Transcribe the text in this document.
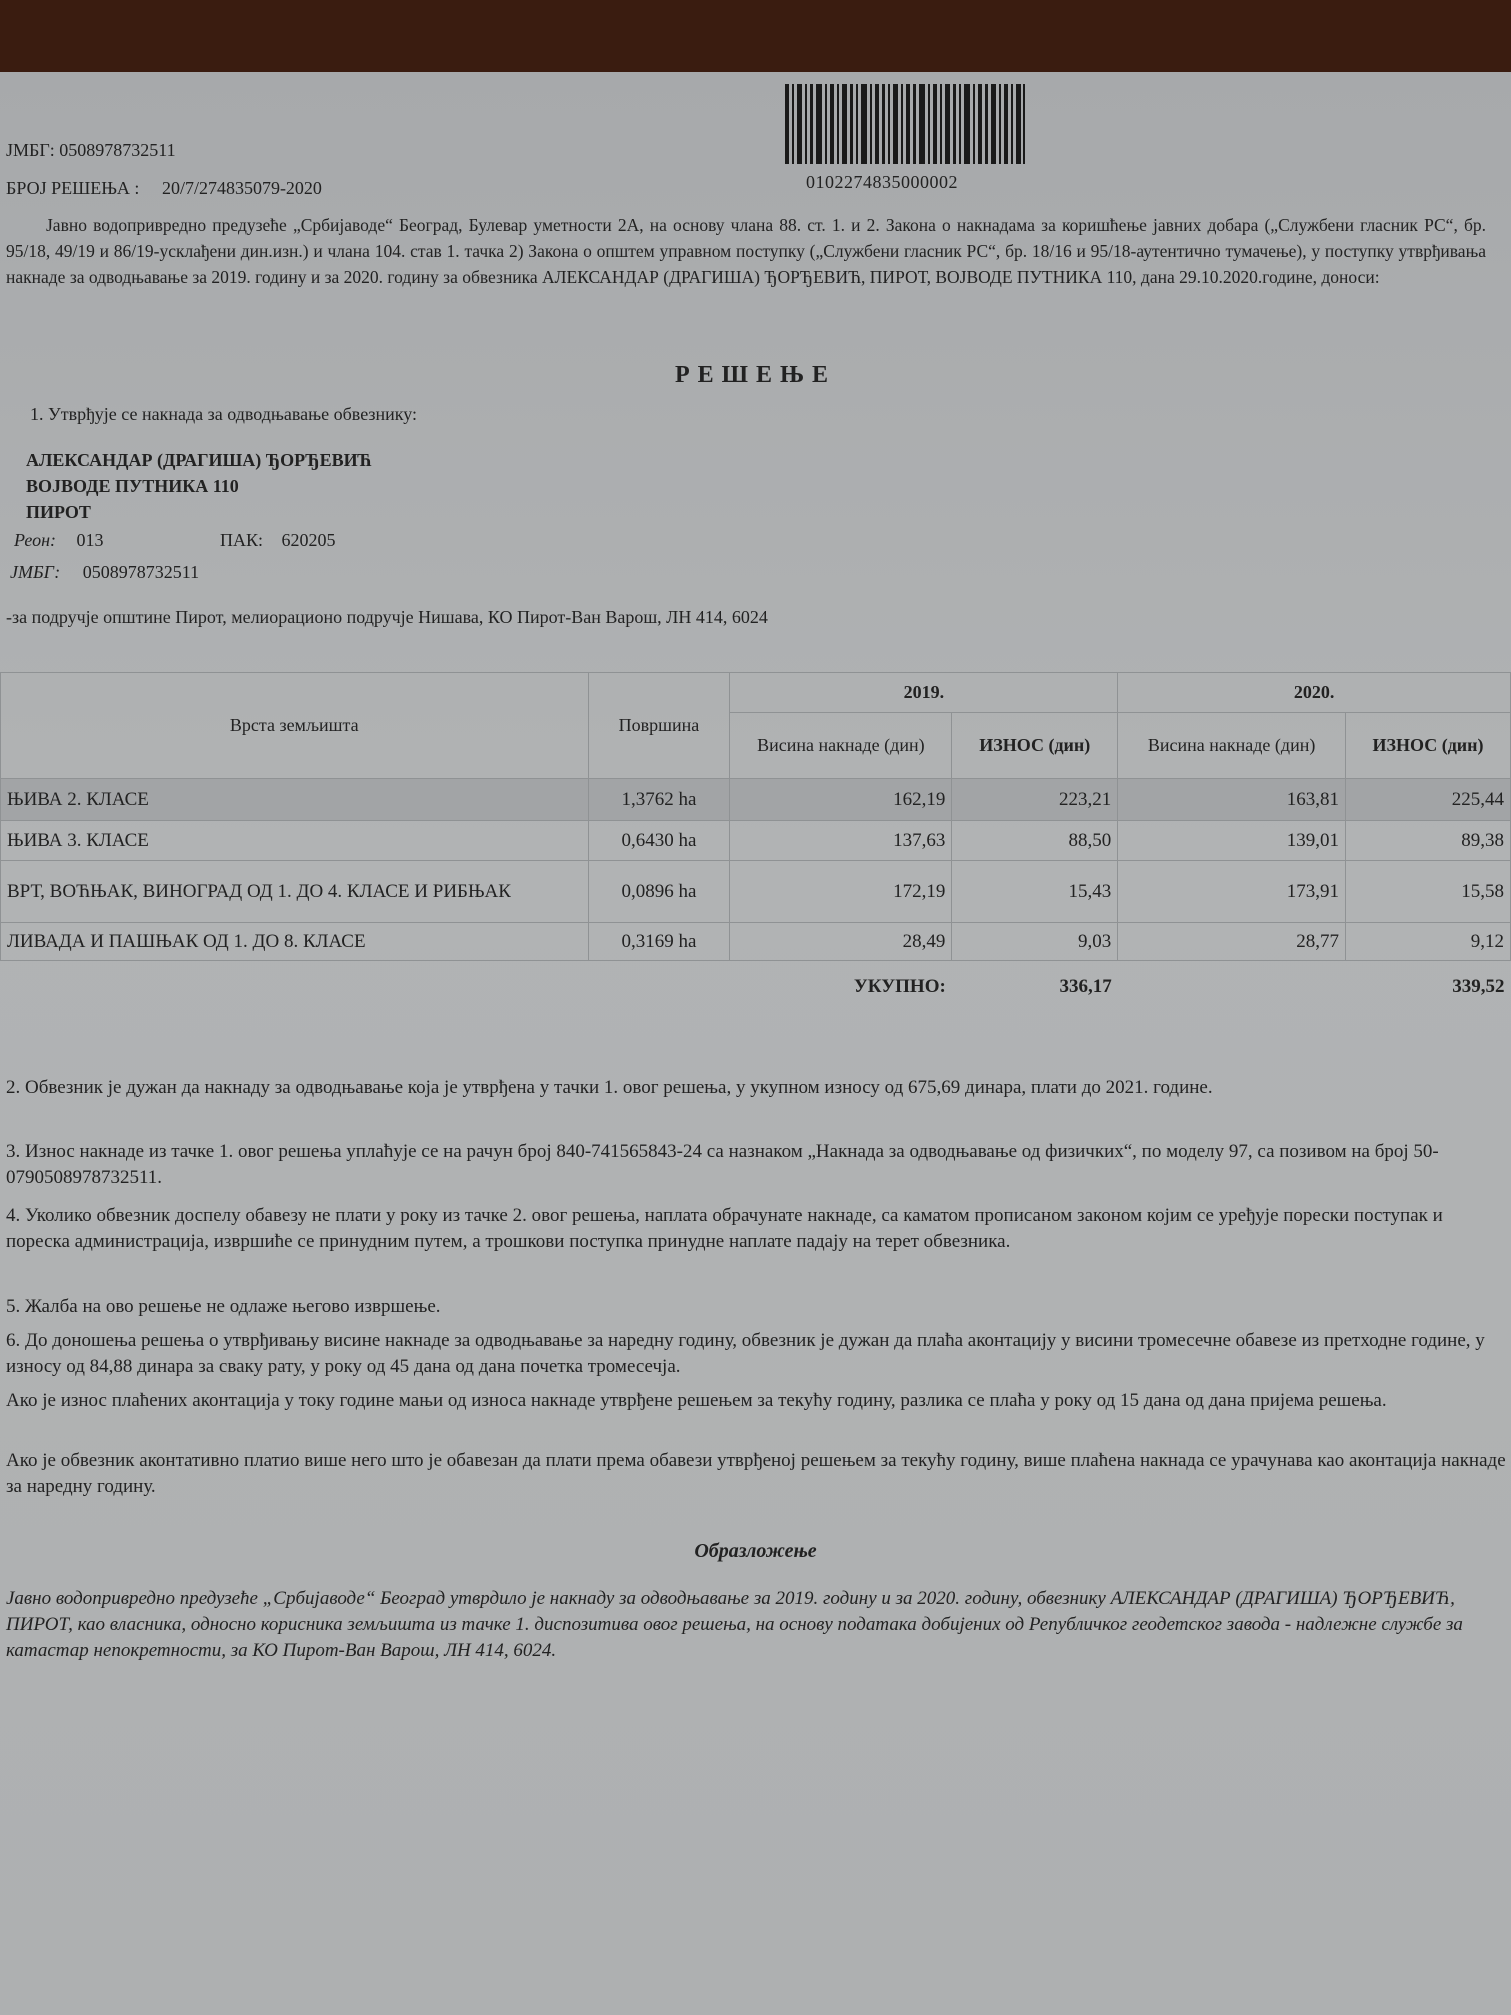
0102274835000002
ЈМБГ: 0508978732511
БРОЈ РЕШЕЊА : 20/7/274835079-2020
Јавно водопривредно предузеће „Србијаводе“ Београд, Булевар уметности 2А, на основу члана 88. ст. 1. и 2. Закона о накнадама за коришћење јавних добара („Службени гласник РС“, бр. 95/18, 49/19 и 86/19-усклађени дин.изн.) и члана 104. став 1. тачка 2) Закона о општем управном поступку („Службени гласник РС“, бр. 18/16 и 95/18-аутентично тумачење), у поступку утврђивања накнаде за одводњавање за 2019. годину и за 2020. годину за обвезника АЛЕКСАНДАР (ДРАГИША) ЂОРЂЕВИЋ, ПИРОТ, ВОЈВОДЕ ПУТНИКА 110, дана 29.10.2020.године, доноси:
РЕШЕЊЕ
1. Утврђује се накнада за одводњавање обвезнику:
АЛЕКСАНДАР (ДРАГИША) ЂОРЂЕВИЋ
ВОЈВОДЕ ПУТНИКА 110
ПИРОТ
Реон: 013	ПАК: 620205
ЈМБГ: 0508978732511
-за подручје општине Пирот, мелиорационо подручје Нишава, КО Пирот-Ван Варош, ЛН 414, 6024
Врста земљишта	Површина	2019.		2020.	
		Висина накнаде (дин)	ИЗНОС (дин)	Висина накнаде (дин)	ИЗНОС (дин)
ЊИВА 2. КЛАСЕ	1,3762 ha	162,19	223,21	163,81	225,44
ЊИВА 3. КЛАСЕ	0,6430 ha	137,63	88,50	139,01	89,38
ВРТ, ВОЋЊАК, ВИНОГРАД ОД 1. ДО 4. КЛАСЕ И РИБЊАК	0,0896 ha	172,19	15,43	173,91	15,58
ЛИВАДА И ПАШЊАК ОД 1. ДО 8. КЛАСЕ	0,3169 ha	28,49	9,03	28,77	9,12
		УКУПНО:	336,17		339,52
2. Обвезник је дужан да накнаду за одводњавање која је утврђена у тачки 1. овог решења, у укупном износу од 675,69 динара, плати до 2021. године.
3. Износ накнаде из тачке 1. овог решења уплаћује се на рачун број 840-741565843-24 са назнаком „Накнада за одводњавање од физичких“, по моделу 97, са позивом на број 50-0790508978732511.
4. Уколико обвезник доспелу обавезу не плати у року из тачке 2. овог решења, наплата обрачунате накнаде, са каматом прописаном законом којим се уређује порески поступак и пореска администрација, извршиће се принудним путем, а трошкови поступка принудне наплате падају на терет обвезника.
5. Жалба на ово решење не одлаже његово извршење.
6. До доношења решења о утврђивању висине накнаде за одводњавање за наредну годину, обвезник је дужан да плаћа аконтацију у висини тромесечне обавезе из претходне године, у износу од 84,88 динара за сваку рату, у року од 45 дана од дана почетка тромесечја.
Ако је износ плаћених аконтација у току године мањи од износа накнаде утврђене решењем за текућу годину, разлика се плаћа у року од 15 дана од дана пријема решења.
Ако је обвезник аконтативно платио више него што је обавезан да плати према обавези утврђеној решењем за текућу годину, више плаћена накнада се урачунава као аконтација накнаде за наредну годину.
Образложење
Јавно водопривредно предузеће „Србијаводе“ Београд утврдило је накнаду за одводњавање за 2019. годину и за 2020. годину, обвезнику АЛЕКСАНДАР (ДРАГИША) ЂОРЂЕВИЋ, ПИРОТ, као власника, односно корисника земљишта из тачке 1. диспозитива овог решења, на основу података добијених од Републичког геодетског завода - надлежне службе за катастар непокретности, за КО Пирот-Ван Варош, ЛН 414, 6024.
